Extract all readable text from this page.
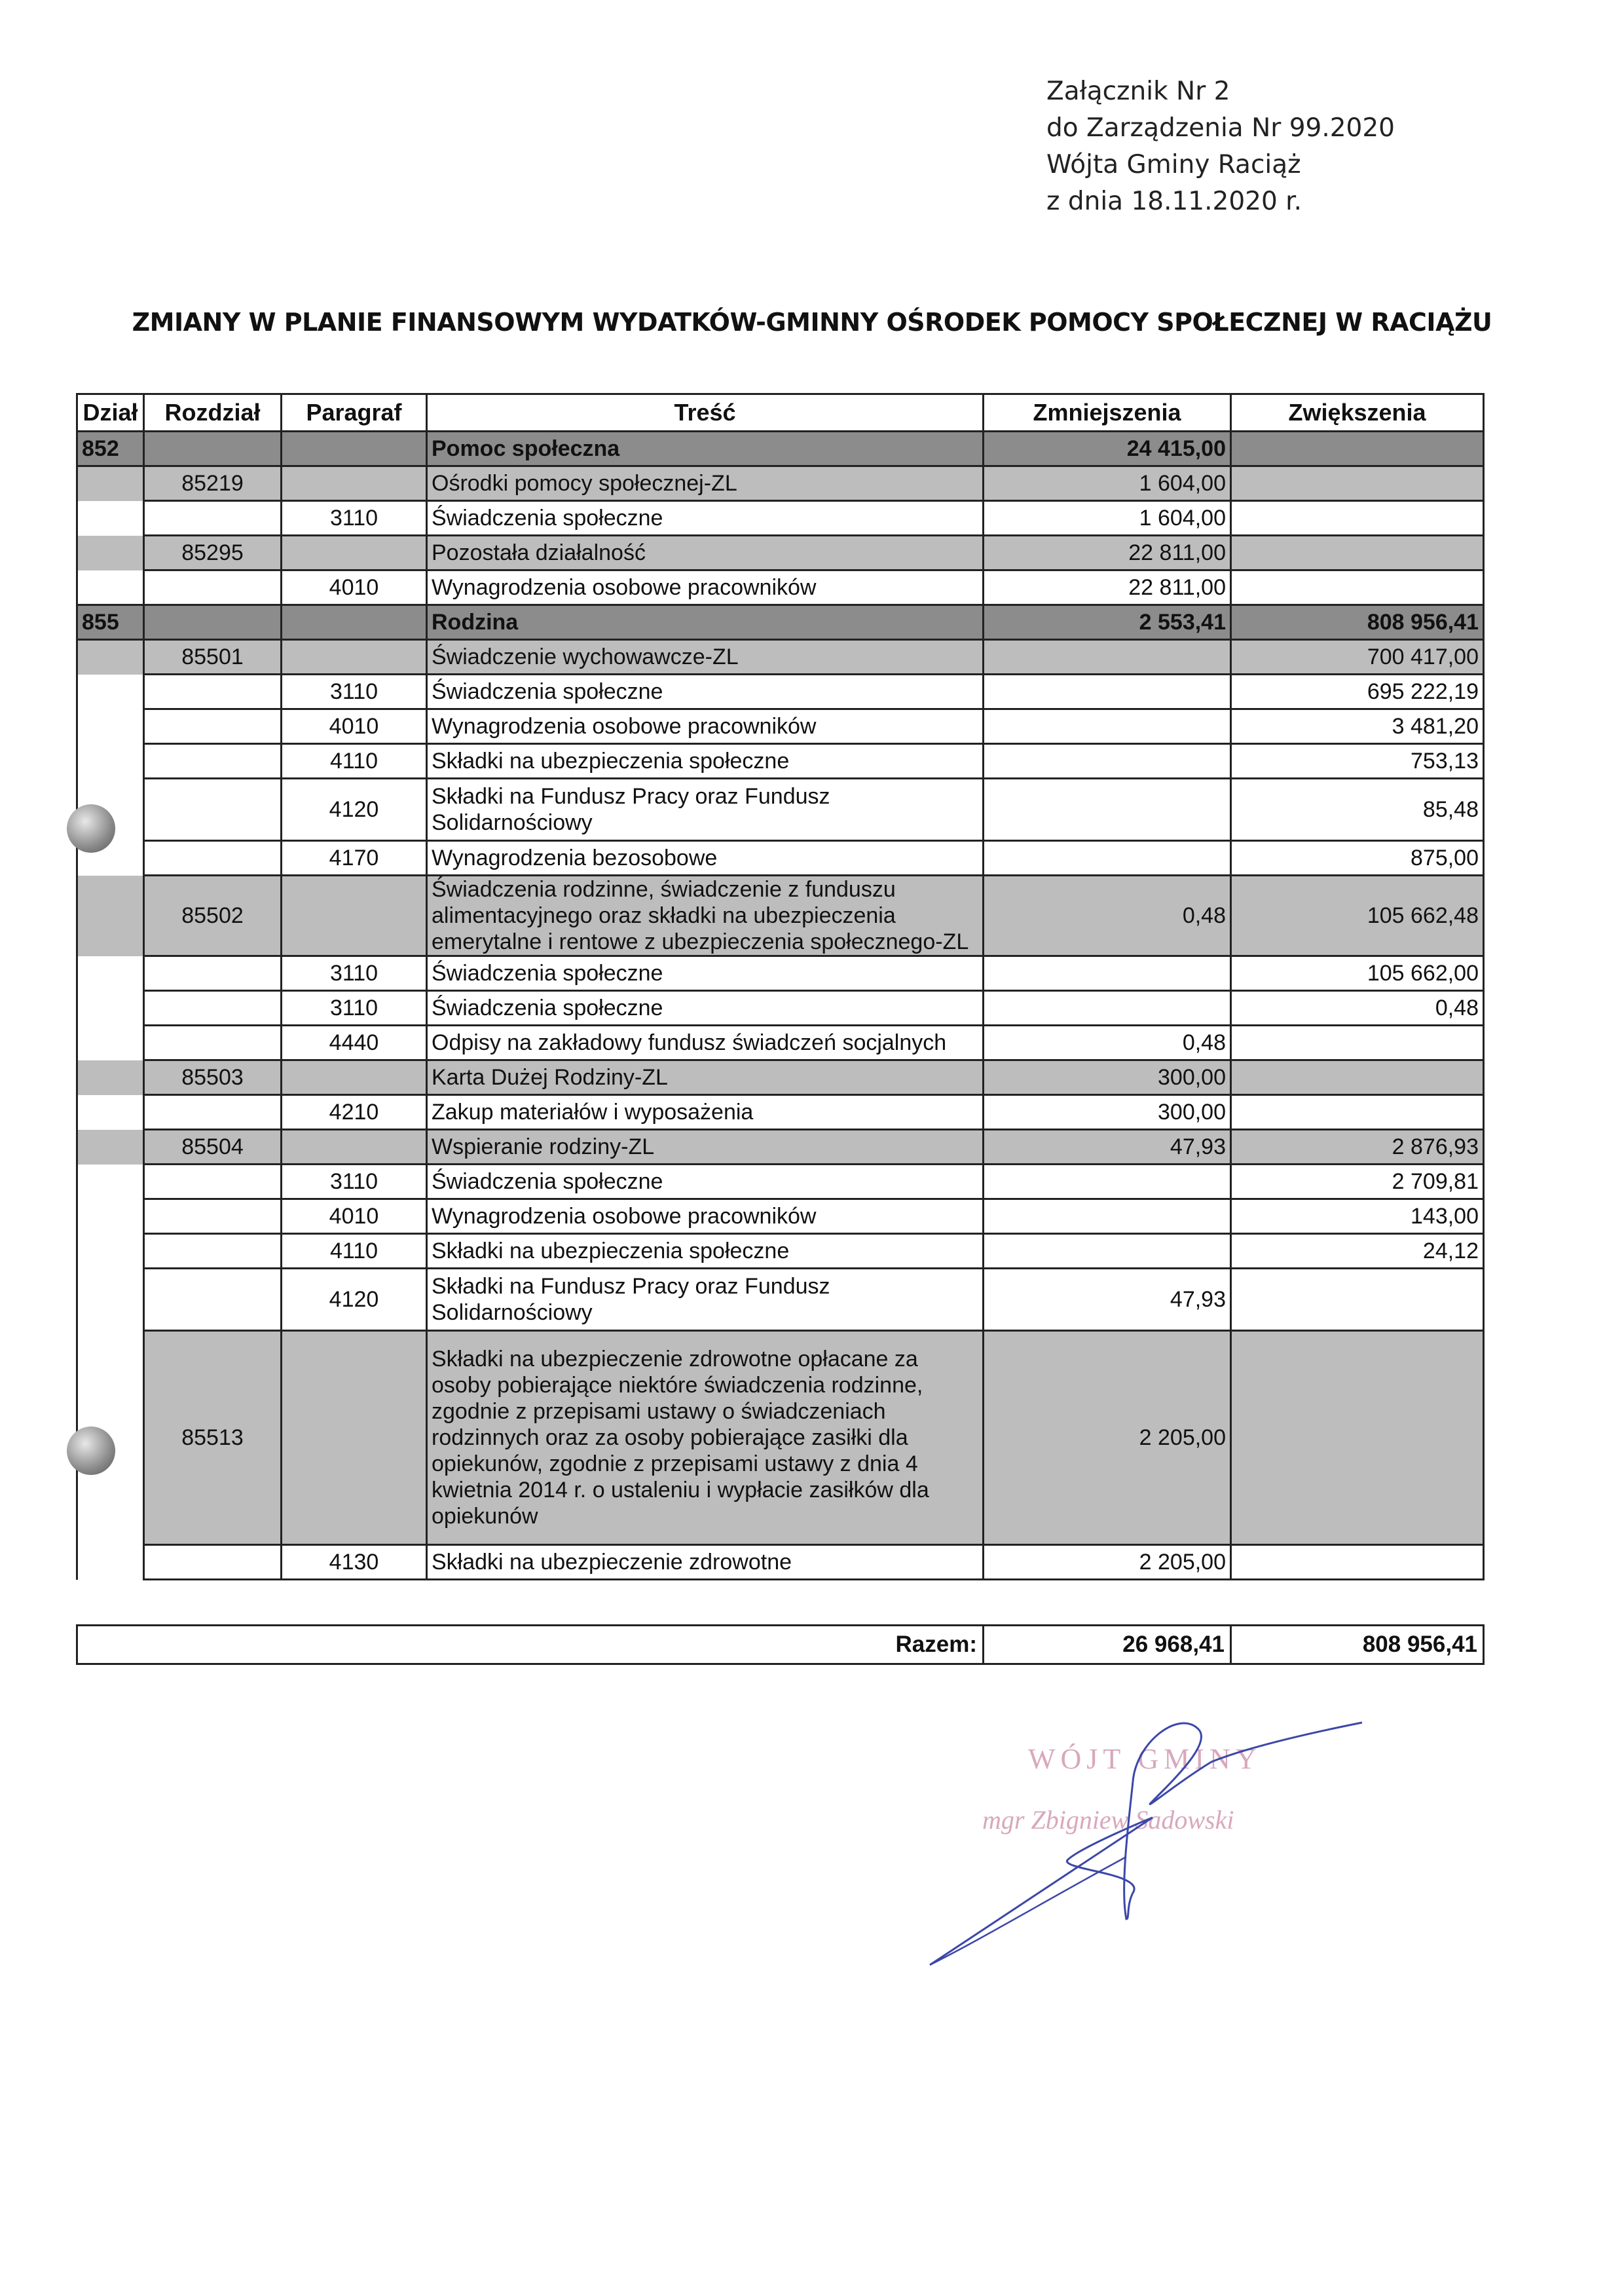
Załącznik Nr 2
do Zarządzenia Nr 99.2020
Wójta Gminy Raciąż
z dnia 18.11.2020 r.
ZMIANY W PLANIE FINANSOWYM WYDATKÓW-GMINNY OŚRODEK POMOCY SPOŁECZNEJ W RACIĄŻU
Dział	Rozdział	Paragraf	Treść	Zmniejszenia	Zwiększenia
852			Pomoc społeczna	24 415,00	
	85219		Ośrodki pomocy społecznej-ZL	1 604,00	
		3110	Świadczenia społeczne	1 604,00	
	85295		Pozostała działalność	22 811,00	
		4010	Wynagrodzenia osobowe pracowników	22 811,00	
855			Rodzina	2 553,41	808 956,41
	85501		Świadczenie wychowawcze-ZL		700 417,00
		3110	Świadczenia społeczne		695 222,19
		4010	Wynagrodzenia osobowe pracowników		3 481,20
		4110	Składki na ubezpieczenia społeczne		753,13
		4120	Składki na Fundusz Pracy oraz Fundusz Solidarnościowy		85,48
		4170	Wynagrodzenia bezosobowe		875,00
	85502		Świadczenia rodzinne, świadczenie z funduszu alimentacyjnego oraz składki na ubezpieczenia emerytalne i rentowe z ubezpieczenia społecznego-ZL	0,48	105 662,48
		3110	Świadczenia społeczne		105 662,00
		3110	Świadczenia społeczne		0,48
		4440	Odpisy na zakładowy fundusz świadczeń socjalnych	0,48	
	85503		Karta Dużej Rodziny-ZL	300,00	
		4210	Zakup materiałów i wyposażenia	300,00	
	85504		Wspieranie rodziny-ZL	47,93	2 876,93
		3110	Świadczenia społeczne		2 709,81
		4010	Wynagrodzenia osobowe pracowników		143,00
		4110	Składki na ubezpieczenia społeczne		24,12
		4120	Składki na Fundusz Pracy oraz Fundusz Solidarnościowy	47,93	
	85513		Składki na ubezpieczenie zdrowotne opłacane za osoby pobierające niektóre świadczenia rodzinne, zgodnie z przepisami ustawy o świadczeniach rodzinnych oraz za osoby pobierające zasiłki dla opiekunów, zgodnie z przepisami ustawy z dnia 4 kwietnia 2014 r. o ustaleniu i wypłacie zasiłków dla opiekunów	2 205,00	
		4130	Składki na ubezpieczenie zdrowotne	2 205,00	
Razem:	26 968,41	808 956,41
WÓJT GMINY
mgr Zbigniew Sadowski
